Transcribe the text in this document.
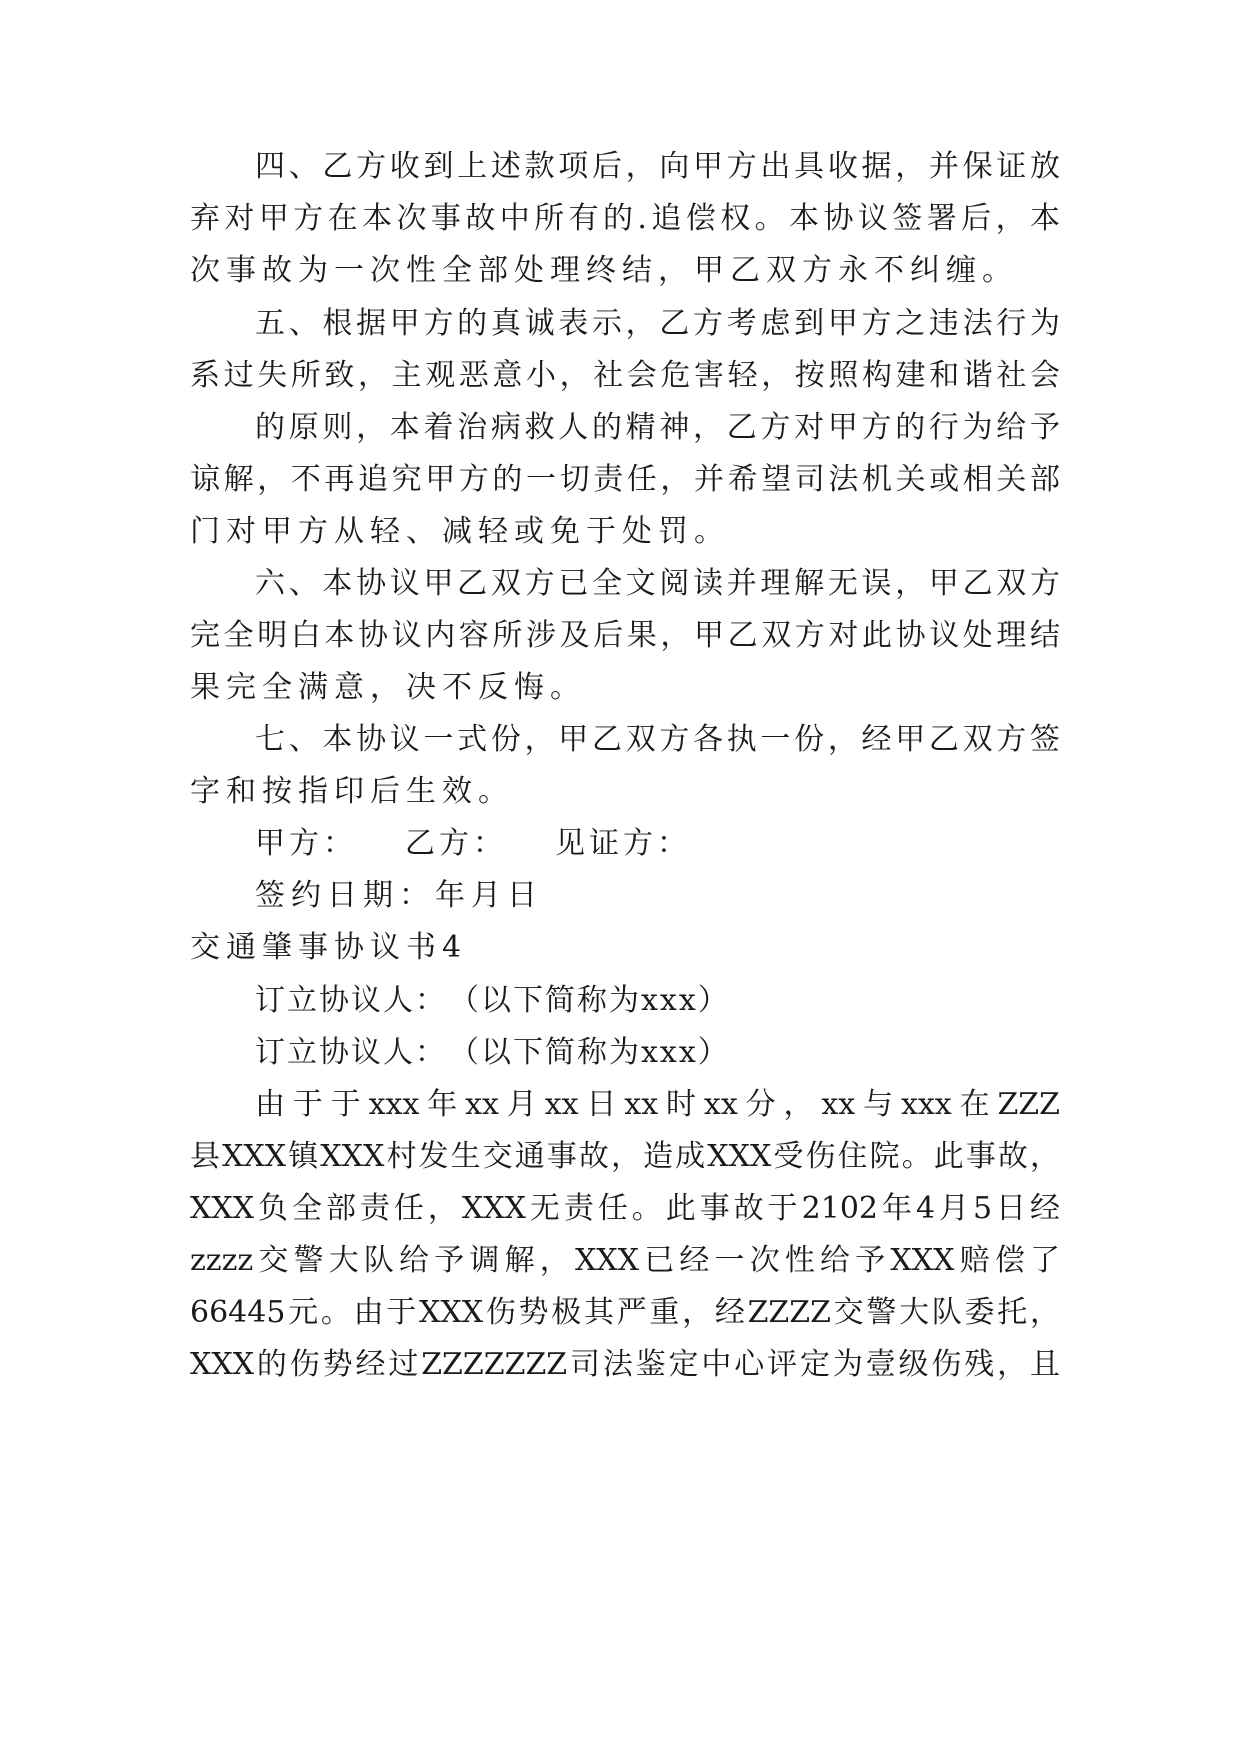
四、乙方收到上述款项后，向甲方出具收据，并保证放
弃对甲方在本次事故中所有的.追偿权。本协议签署后，本
次事故为一次性全部处理终结，甲乙双方永不纠缠。
五、根据甲方的真诚表示，乙方考虑到甲方之违法行为
系过失所致，主观恶意小，社会危害轻，按照构建和谐社会
的原则，本着治病救人的精神，乙方对甲方的行为给予
谅解，不再追究甲方的一切责任，并希望司法机关或相关部
门对甲方从轻、减轻或免于处罚。
六、本协议甲乙双方已全文阅读并理解无误，甲乙双方
完全明白本协议内容所涉及后果，甲乙双方对此协议处理结
果完全满意，决不反悔。
七、本协议一式份，甲乙双方各执一份，经甲乙双方签
字和按指印后生效。
甲方： 乙方： 见证方：
签约日期：年月日
交通肇事协议书4
订立协议人：　（以下简称为xxx）
订立协议人：　（以下简称为xxx）
由于于xxx年xx月xx日xx时xx分，xx与xxx在ZZZ
县XXX镇XXX村发生交通事故，造成XXX受伤住院。此事故，
XXX负全部责任，XXX无责任。此事故于2102年4月5日经
zzzz交警大队给予调解，XXX已经一次性给予XXX赔偿了
66445元。由于XXX伤势极其严重，经ZZZZ交警大队委托，
XXX的伤势经过ZZZZZZZ司法鉴定中心评定为壹级伤残，且
